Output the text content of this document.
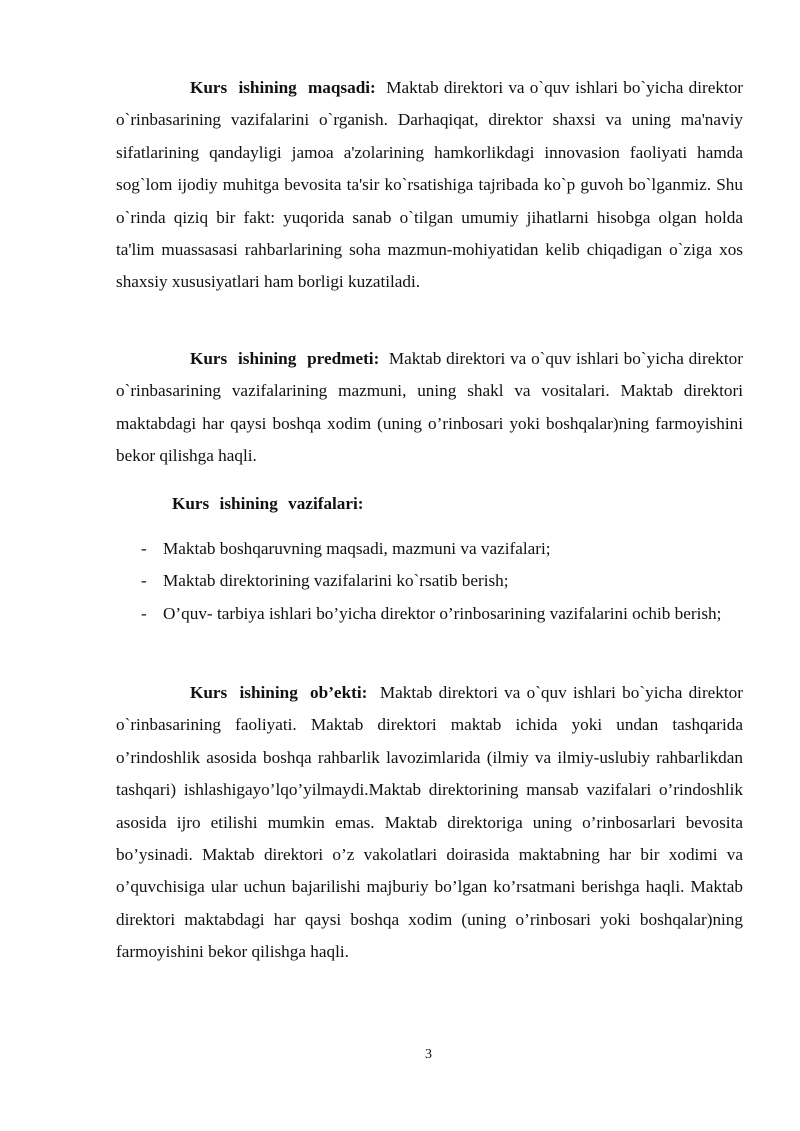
Kurs ishining maqsadi: Maktab direktori va o`quv ishlari bo`yicha direktor o`rinbasarining vazifalarini o`rganish. Darhaqiqat, direktor shaxsi va uning ma'naviy sifatlarining qandayligi jamoa a'zolarining hamkorlikdagi innovasion faoliyati hamda sog`lom ijodiy muhitga bevosita ta'sir ko`rsatishiga tajribada ko`p guvoh bo`lganmiz. Shu o`rinda qiziq bir fakt: yuqorida sanab o`tilgan umumiy jihatlarni hisobga olgan holda ta'lim muassasasi rahbarlarining soha mazmun-mohiyatidan kelib chiqadigan o`ziga xos shaxsiy xususiyatlari ham borligi kuzatiladi.

Kurs ishining predmeti: Maktab direktori va o`quv ishlari bo`yicha direktor o`rinbasarining vazifalarining mazmuni, uning shakl va vositalari. Maktab direktori maktabdagi har qaysi boshqa xodim (uning o’rinbosari yoki boshqalar)ning farmoyishini bekor qilishga haqli.

Kurs ishining vazifalari:
- Maktab boshqaruvning maqsadi, mazmuni va vazifalari;
- Maktab direktorining vazifalarini ko`rsatib berish;
- O’quv- tarbiya ishlari bo’yicha direktor o’rinbosarining vazifalarini ochib berish;

Kurs ishining ob’ekti: Maktab direktori va o`quv ishlari bo`yicha direktor o`rinbasarining faoliyati. Maktab direktori maktab ichida yoki undan tashqarida o’rindoshlik asosida boshqa rahbarlik lavozimlarida (ilmiy va ilmiy-uslubiy rahbarlikdan tashqari) ishlashigayo’lqo’yilmaydi.Maktab direktorining mansab vazifalari o’rindoshlik asosida ijro etilishi mumkin emas. Maktab direktoriga uning o’rinbosarlari bevosita bo’ysinadi. Maktab direktori o’z vakolatlari doirasida maktabning har bir xodimi va o’quvchisiga ular uchun bajarilishi majburiy bo’lgan ko’rsatmani berishga haqli. Maktab direktori maktabdagi har qaysi boshqa xodim (uning o’rinbosari yoki boshqalar)ning farmoyishini bekor qilishga haqli.

3
